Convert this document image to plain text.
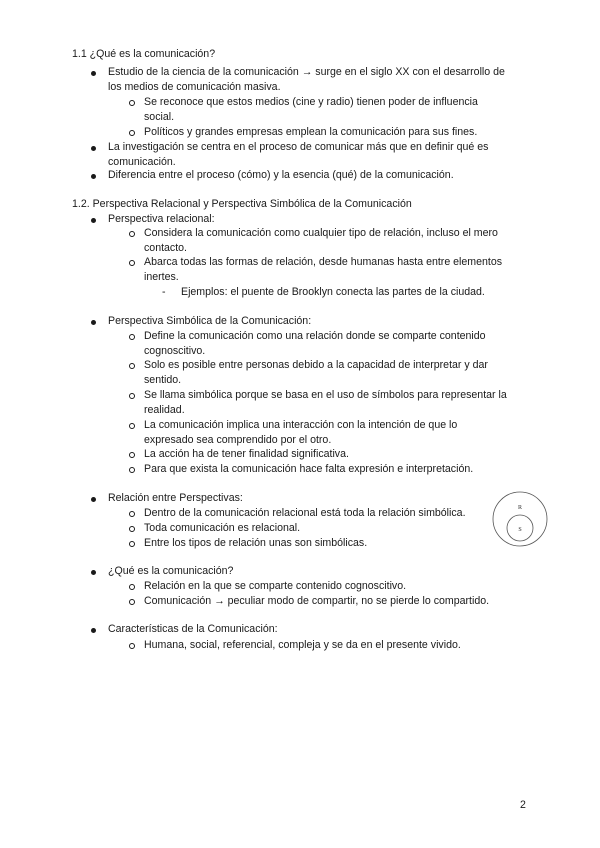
1.1 ¿Qué es la comunicación?
Estudio de la ciencia de la comunicación → surge en el siglo XX con el desarrollo de
los medios de comunicación masiva.
Se reconoce que estos medios (cine y radio) tienen poder de influencia
social.
Políticos y grandes empresas emplean la comunicación para sus fines.
La investigación se centra en el proceso de comunicar más que en definir qué es
comunicación.
Diferencia entre el proceso (cómo) y la esencia (qué) de la comunicación.
1.2. Perspectiva Relacional y Perspectiva Simbólica de la Comunicación
Perspectiva relacional:
Considera la comunicación como cualquier tipo de relación, incluso el mero
contacto.
Abarca todas las formas de relación, desde humanas hasta entre elementos
inertes.
- Ejemplos: el puente de Brooklyn conecta las partes de la ciudad.
Perspectiva Simbólica de la Comunicación:
Define la comunicación como una relación donde se comparte contenido
cognoscitivo.
Solo es posible entre personas debido a la capacidad de interpretar y dar
sentido.
Se llama simbólica porque se basa en el uso de símbolos para representar la
realidad.
La comunicación implica una interacción con la intención de que lo
expresado sea comprendido por el otro.
La acción ha de tener finalidad significativa.
Para que exista la comunicación hace falta expresión e interpretación.
Relación entre Perspectivas:
Dentro de la comunicación relacional está toda la relación simbólica.
Toda comunicación es relacional.
Entre los tipos de relación unas son simbólicas.
R
S
¿Qué es la comunicación?
Relación en la que se comparte contenido cognoscitivo.
Comunicación → peculiar modo de compartir, no se pierde lo compartido.
Características de la Comunicación:
Humana, social, referencial, compleja y se da en el presente vivido.
2
